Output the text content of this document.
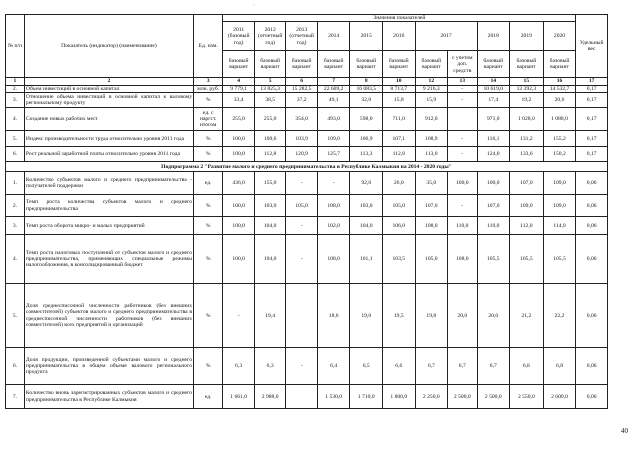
№ п/п	Показатель (индикатор) (наименование)	Ед. изм.	Значения показателей											Удельный вес
			2011 (базовый год)	2012 (отчетный год)	2013 (отчетный год)	2014	2015	2016	2017		2018	2019	2020	
			базовый вариант	базовый вариант	базовый вариант	базовый вариант	базовый вариант	базовый вариант	базовый вариант	с учетом доп. средств	базовый вариант	базовый вариант	базовый вариант	
1	2	3	4	5	6	7	8	10	12	13	14	15	16	17
2.	Объем инвестиций в основной капитал	млн. руб.	9 779,1	13 825,3	15 282,5	22 609,2	16 083,5	8 713,7	9 216,3	-	10 619,0	12 392,3	14 532,7	0,17
3.	Отношение объема инвестиций в основной капитал к валовому региональному продукту	%	33,4	38,5	37,2	49,1	32,0	15,8	15,9	-	17,4	19,2	20,6	0,17
4.	Создание новых рабочих мест	ед. с наргст. итогом	255,0	255,0	354,0	493,0	598,0	711,0	912,0		971,0	1 028,0	1 088,0	0,17
5.	Индекс производительности труда относительно уровня 2011 года	%	100,0	100,6	103,9	109,0	106,9	107,1	108,9	-	116,1	131,2	155,2	0,17
6.	Рост реальной заработной платы относительно уровня 2011 года	%	100,0	112,8	120,9	125,7	113,3	112,8	113,0	-	124,0	133,6	150,2	0,17
Подпрограмма 2 "Развитие малого и среднего предпринимательства в Республике Калмыкия на 2014 - 2020 годы"														
1.	Количество субъектов малого и среднего предпринимательства - получателей поддержки	ед.	436,0	155,0	-	-	92,0	26,0	35,0	100,0	100,0	107,0	109,0	0,06
2.	Темп роста количества субъектов малого и среднего предпринимательства	%	100,0	103,0	105,0	108,0	103,0	105,0	107,0	-	107,0	109,0	109,0	0,06
3.	Темп роста оборота микро- и малых предприятий	%	100,0	104,0	-	102,0	104,0	106,0	108,0	110,0	110,0	112,0	114,0	0,06
4.	Темп роста налоговых поступлений от субъектов малого и среднего предпринимательства, применяющих специальные режимы налогообложения, в консолидированный бюджет	%	100,0	104,0	-	108,0	101,1	103,5	105,0	108,0	105,5	105,5	105,5	0,06
5.	Доля среднесписочной численности работников (без внешних совместителей) субъектов малого и среднего предпринимательства в среднесписочной численности работников (без внешних совместителей) всех предприятий и организаций	%	-	19,4		18,6	19,0	19,5	19,8	20,0	20,0	21,2	22,2	0,06
6.	Доля продукции, произведенной субъектами малого и среднего предпринимательства в общем объеме валового регионального продукта	%	6,3	6,3	-	6,4	6,5	6,6	6,7	6,7	6,7	6,8	6,8	0,06
7.	Количество вновь зарегистрированных субъектов малого и среднего предпринимательства в Республике Калмыкия	ед.	1 661,0	2 988,0		1 530,0	1 710,0	1 800,0	2 250,0	2 500,0	2 500,0	2 550,0	2 600,0	0,06
~
40
